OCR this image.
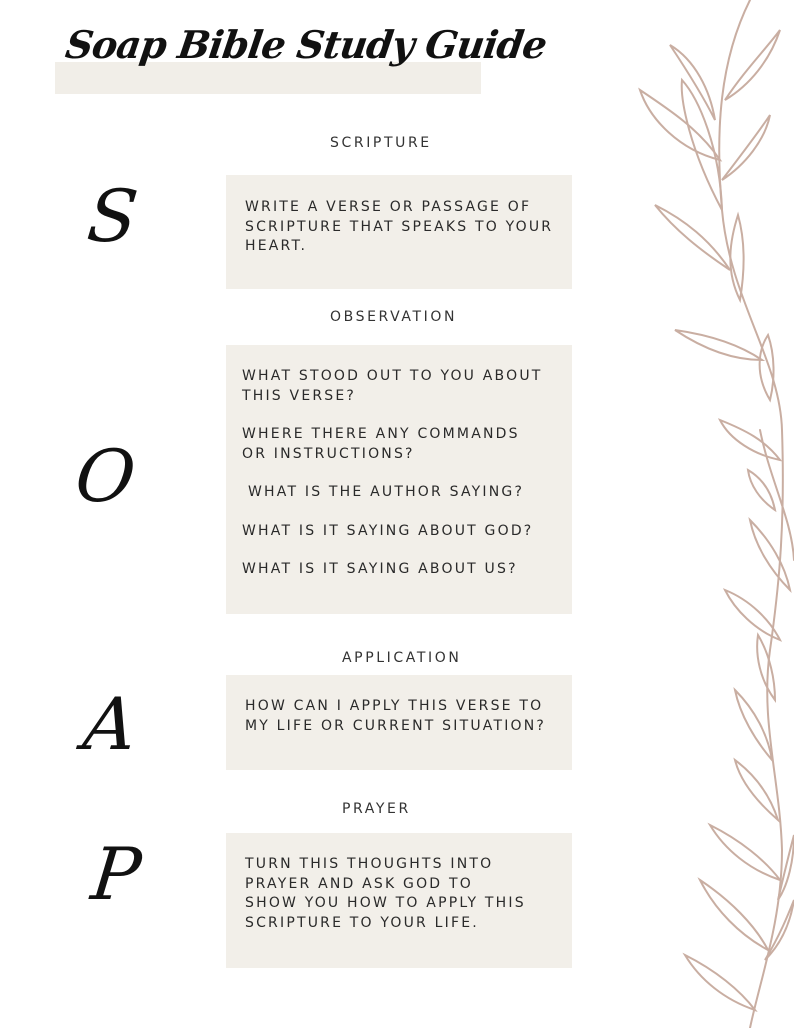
Soap Bible Study Guide
SCRIPTURE
S	WRITE A VERSE OR PASSAGE OF SCRIPTURE THAT SPEAKS TO YOUR HEART.

OBSERVATION
O

WHAT STOOD OUT TO YOU ABOUT THIS VERSE?

WHERE THERE ANY COMMANDS OR INSTRUCTIONS?

WHAT IS THE AUTHOR SAYING?

WHAT IS IT SAYING ABOUT GOD?

WHAT IS IT SAYING ABOUT US?

APPLICATION
A	HOW CAN I APPLY THIS VERSE TO MY LIFE OR CURRENT SITUATION?

PRAYER
P	TURN THIS THOUGHTS INTO PRAYER AND ASK GOD TO SHOW YOU HOW TO APPLY THIS SCRIPTURE TO YOUR LIFE.
